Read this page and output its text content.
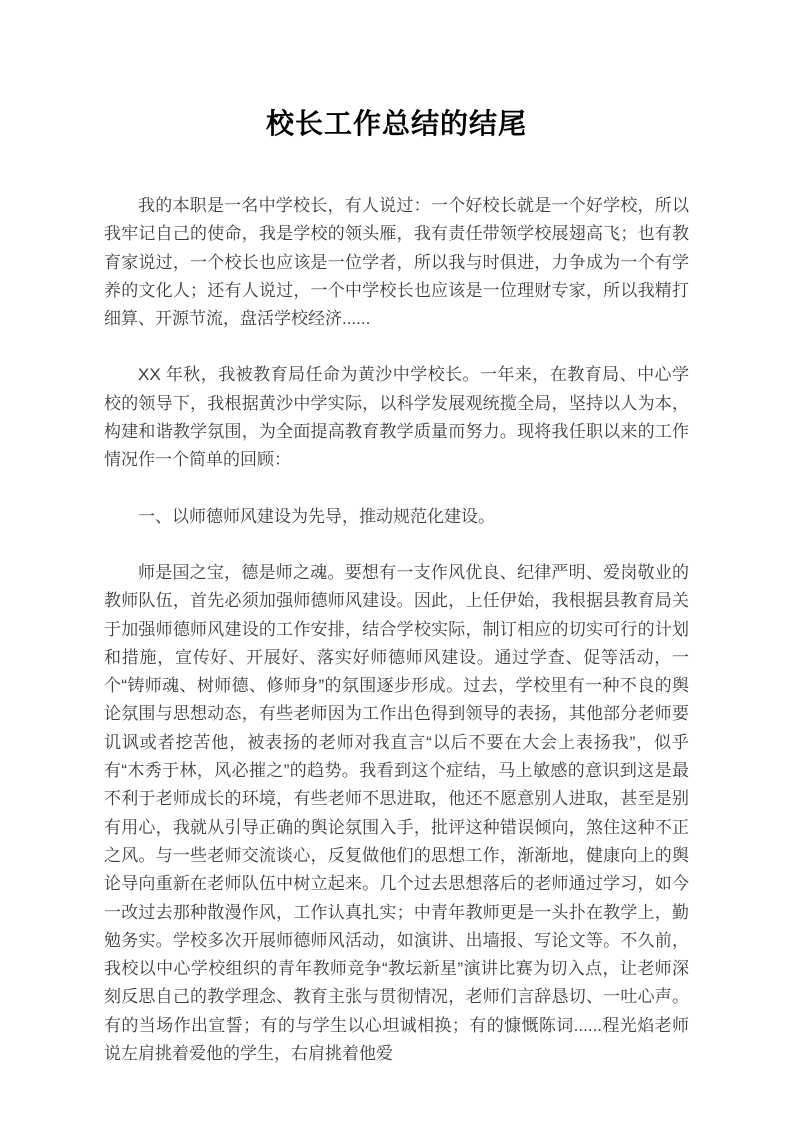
校长工作总结的结尾

我的本职是一名中学校长，有人说过：一个好校长就是一个好学校，所以我牢记自己的使命，我是学校的领头雁，我有责任带领学校展翅高飞；也有教育家说过，一个校长也应该是一位学者，所以我与时俱进，力争成为一个有学养的文化人；还有人说过，一个中学校长也应该是一位理财专家，所以我精打细算、开源节流，盘活学校经济......

XX 年秋，我被教育局任命为黄沙中学校长。一年来，在教育局、中心学校的领导下，我根据黄沙中学实际，以科学发展观统揽全局，坚持以人为本，构建和谐教学氛围，为全面提高教育教学质量而努力。现将我任职以来的工作情况作一个简单的回顾：

一、以师德师风建设为先导，推动规范化建设。

师是国之宝，德是师之魂。要想有一支作风优良、纪律严明、爱岗敬业的教师队伍，首先必须加强师德师风建设。因此，上任伊始，我根据县教育局关于加强师德师风建设的工作安排，结合学校实际，制订相应的切实可行的计划和措施，宣传好、开展好、落实好师德师风建设。通过学查、促等活动，一个“铸师魂、树师德、修师身”的氛围逐步形成。过去，学校里有一种不良的舆论氛围与思想动态，有些老师因为工作出色得到领导的表扬，其他部分老师要讥讽或者挖苦他，被表扬的老师对我直言“以后不要在大会上表扬我”，似乎有“木秀于林，风必摧之”的趋势。我看到这个症结，马上敏感的意识到这是最不利于老师成长的环境，有些老师不思进取，他还不愿意别人进取，甚至是别有用心，我就从引导正确的舆论氛围入手，批评这种错误倾向，煞住这种不正之风。与一些老师交流谈心，反复做他们的思想工作，渐渐地，健康向上的舆论导向重新在老师队伍中树立起来。几个过去思想落后的老师通过学习，如今一改过去那种散漫作风，工作认真扎实；中青年教师更是一头扑在教学上，勤勉务实。学校多次开展师德师风活动，如演讲、出墙报、写论文等。不久前，我校以中心学校组织的青年教师竞争“教坛新星”演讲比赛为切入点，让老师深刻反思自己的教学理念、教育主张与贯彻情况，老师们言辞恳切、一吐心声。有的当场作出宣誓；有的与学生以心坦诚相换；有的慷慨陈词......程光焰老师说左肩挑着爱他的学生，右肩挑着他爱
